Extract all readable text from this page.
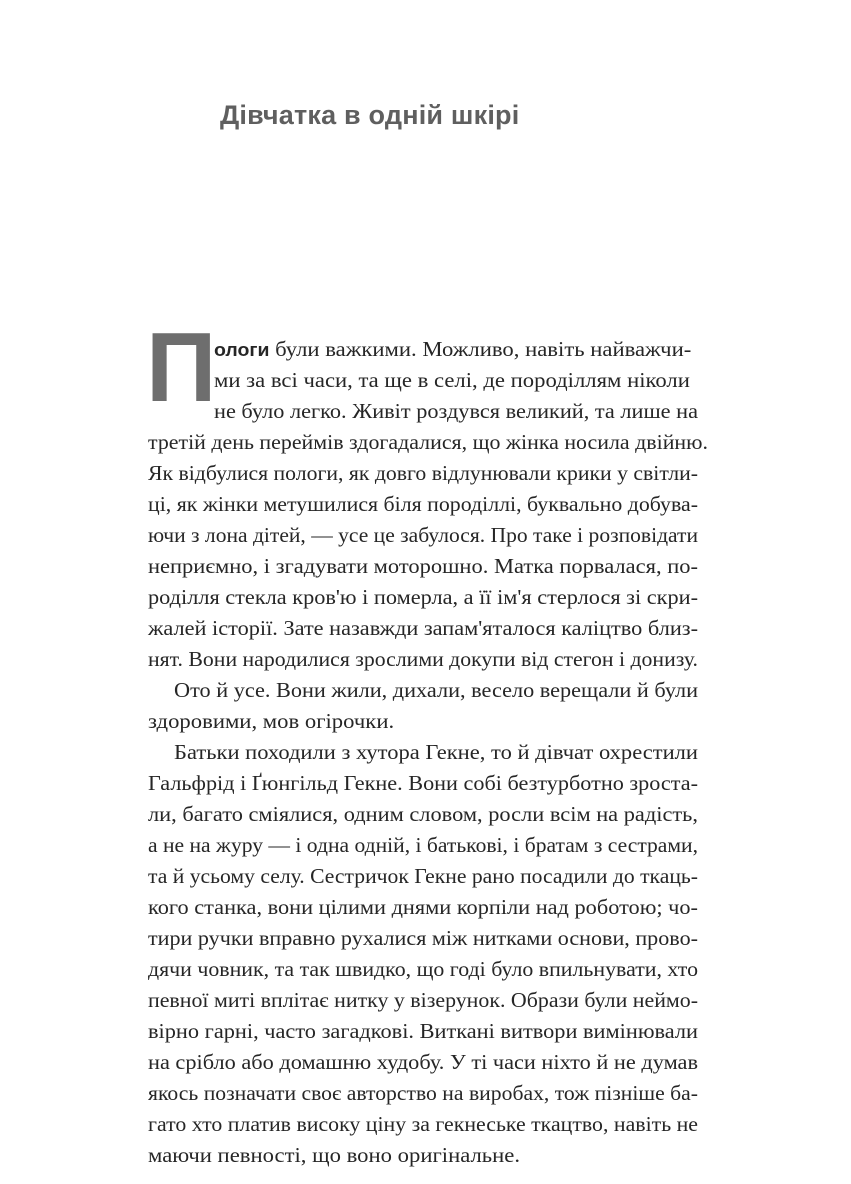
Дівчатка в одній шкірі
П
ологи були важкими. Можливо, навіть найважчи-
ми за всі часи, та ще в селі, де породіллям ніколи
не було легко. Живіт роздувся великий, та лише на
третій день переймів здогадалися, що жінка носила двійню.
Як відбулися пологи, як довго відлунювали крики у світли-
ці, як жінки метушилися біля породіллі, буквально добува-
ючи з лона дітей, — усе це забулося. Про таке і розповідати
неприємно, і згадувати моторошно. Матка порвалася, по-
роділля стекла кров'ю і померла, а її ім'я стерлося зі скри-
жалей історії. Зате назавжди запам'яталося каліцтво близ-
нят. Вони народилися зрослими докупи від стегон і донизу.
Ото й усе. Вони жили, дихали, весело верещали й були
здоровими, мов огірочки.
Батьки походили з хутора Гекне, то й дівчат охрестили
Гальфрід і Ґюнгільд Гекне. Вони собі безтурботно зроста-
ли, багато сміялися, одним словом, росли всім на радість,
а не на журу — і одна одній, і батькові, і братам з сестрами,
та й усьому селу. Сестричок Гекне рано посадили до ткаць-
кого станка, вони цілими днями корпіли над роботою; чо-
тири ручки вправно рухалися між нитками основи, прово-
дячи човник, та так швидко, що годі було впильнувати, хто
певної миті вплітає нитку у візерунок. Образи були неймо-
вірно гарні, часто загадкові. Виткані витвори вимінювали
на срібло або домашню худобу. У ті часи ніхто й не думав
якось позначати своє авторство на виробах, тож пізніше ба-
гато хто платив високу ціну за гекнеське ткацтво, навіть не
маючи певності, що воно оригінальне.
